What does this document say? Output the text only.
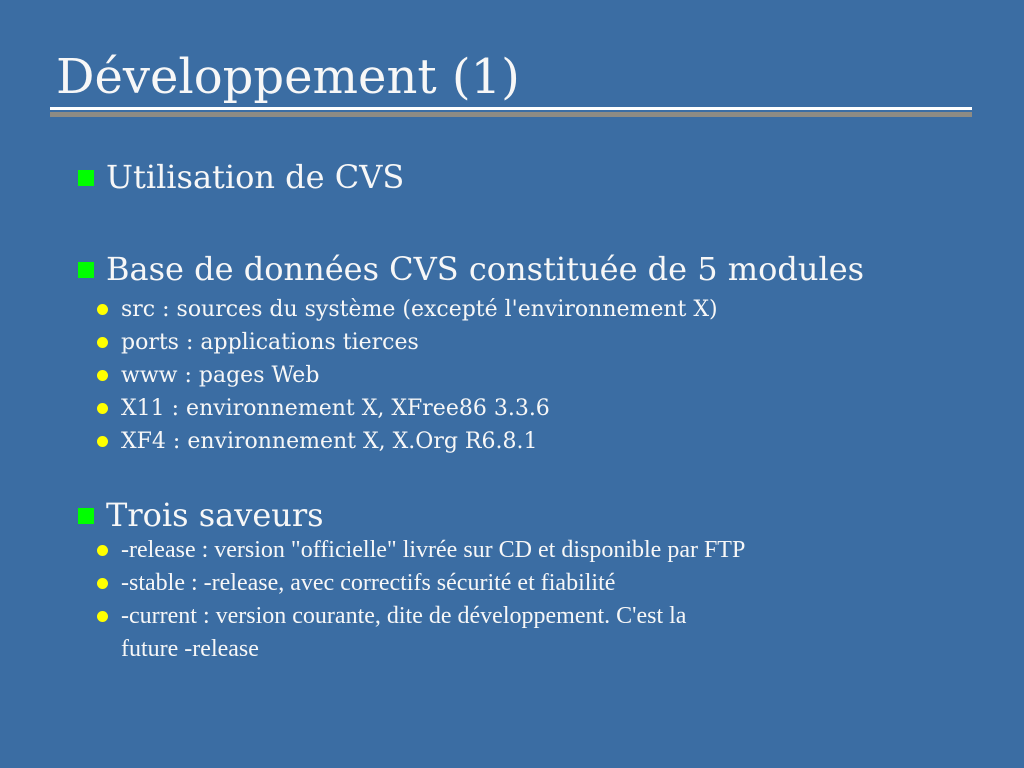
Développement (1)
Utilisation de CVS
Base de données CVS constituée de 5 modules
src : sources du système (excepté l'environnement X)
ports : applications tierces
www : pages Web
X11 : environnement X, XFree86 3.3.6
XF4 : environnement X, X.Org R6.8.1
Trois saveurs
-release : version "officielle" livrée sur CD et disponible par FTP
-stable : -release, avec correctifs sécurité et fiabilité
-current : version courante, dite de développement. C'est la
future -release
